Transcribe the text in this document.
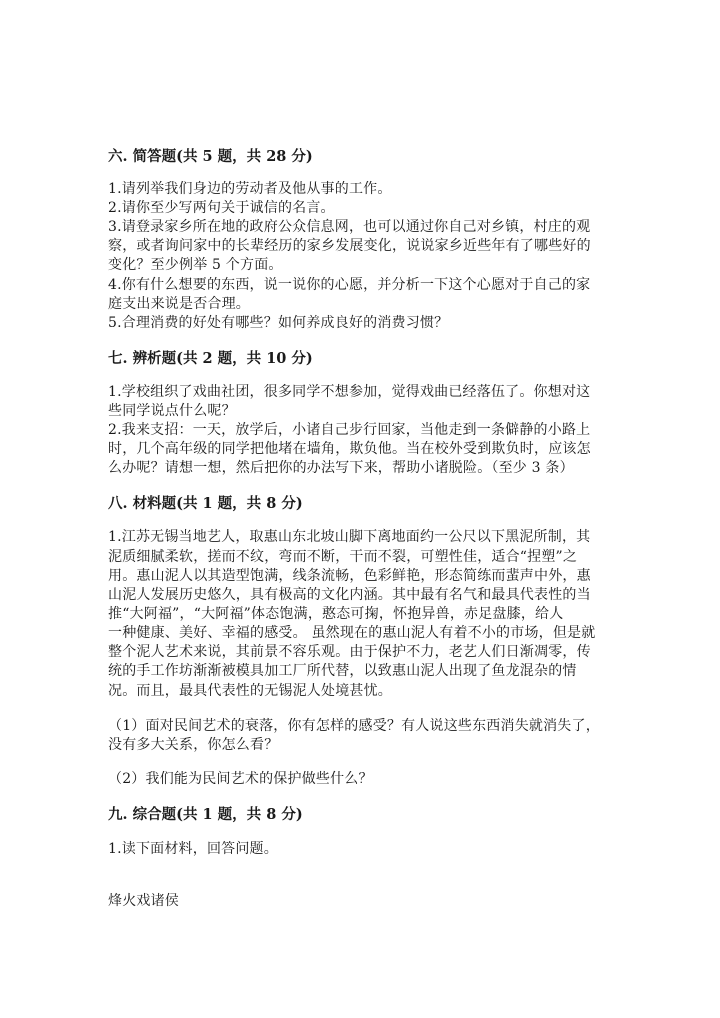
六. 简答题(共 5 题，共 28 分)
1.请列举我们身边的劳动者及他从事的工作。
2.请你至少写两句关于诚信的名言。
3.请登录家乡所在地的政府公众信息网，也可以通过你自己对乡镇，村庄的观
察，或者询问家中的长辈经历的家乡发展变化，说说家乡近些年有了哪些好的
变化？至少例举 5 个方面。
4.你有什么想要的东西，说一说你的心愿，并分析一下这个心愿对于自己的家
庭支出来说是否合理。
5.合理消费的好处有哪些？如何养成良好的消费习惯？
七. 辨析题(共 2 题，共 10 分)
1.学校组织了戏曲社团，很多同学不想参加，觉得戏曲已经落伍了。你想对这
些同学说点什么呢？
2.我来支招：一天，放学后，小诸自己步行回家，当他走到一条僻静的小路上
时，几个高年级的同学把他堵在墙角，欺负他。当在校外受到欺负时，应该怎
么办呢？请想一想，然后把你的办法写下来，帮助小诸脱险。（至少 3 条）
八. 材料题(共 1 题，共 8 分)
1.江苏无锡当地艺人，取惠山东北坡山脚下离地面约一公尺以下黑泥所制，其
泥质细腻柔软，搓而不纹，弯而不断，干而不裂，可塑性佳，适合“捏塑”之
用。惠山泥人以其造型饱满，线条流畅，色彩鲜艳，形态简练而蜚声中外，惠
山泥人发展历史悠久，具有极高的文化内涵。其中最有名气和最具代表性的当
推“大阿福”，“大阿福”体态饱满，憨态可掬，怀抱异兽，赤足盘膝，给人
一种健康、美好、幸福的感受。 虽然现在的惠山泥人有着不小的市场，但是就
整个泥人艺术来说，其前景不容乐观。由于保护不力，老艺人们日渐凋零，传
统的手工作坊渐渐被模具加工厂所代替，以致惠山泥人出现了鱼龙混杂的情
况。而且，最具代表性的无锡泥人处境甚忧。
（1）面对民间艺术的衰落，你有怎样的感受？有人说这些东西消失就消失了，
没有多大关系，你怎么看？
（2）我们能为民间艺术的保护做些什么？
九. 综合题(共 1 题，共 8 分)
1.读下面材料，回答问题。
烽火戏诸侯
